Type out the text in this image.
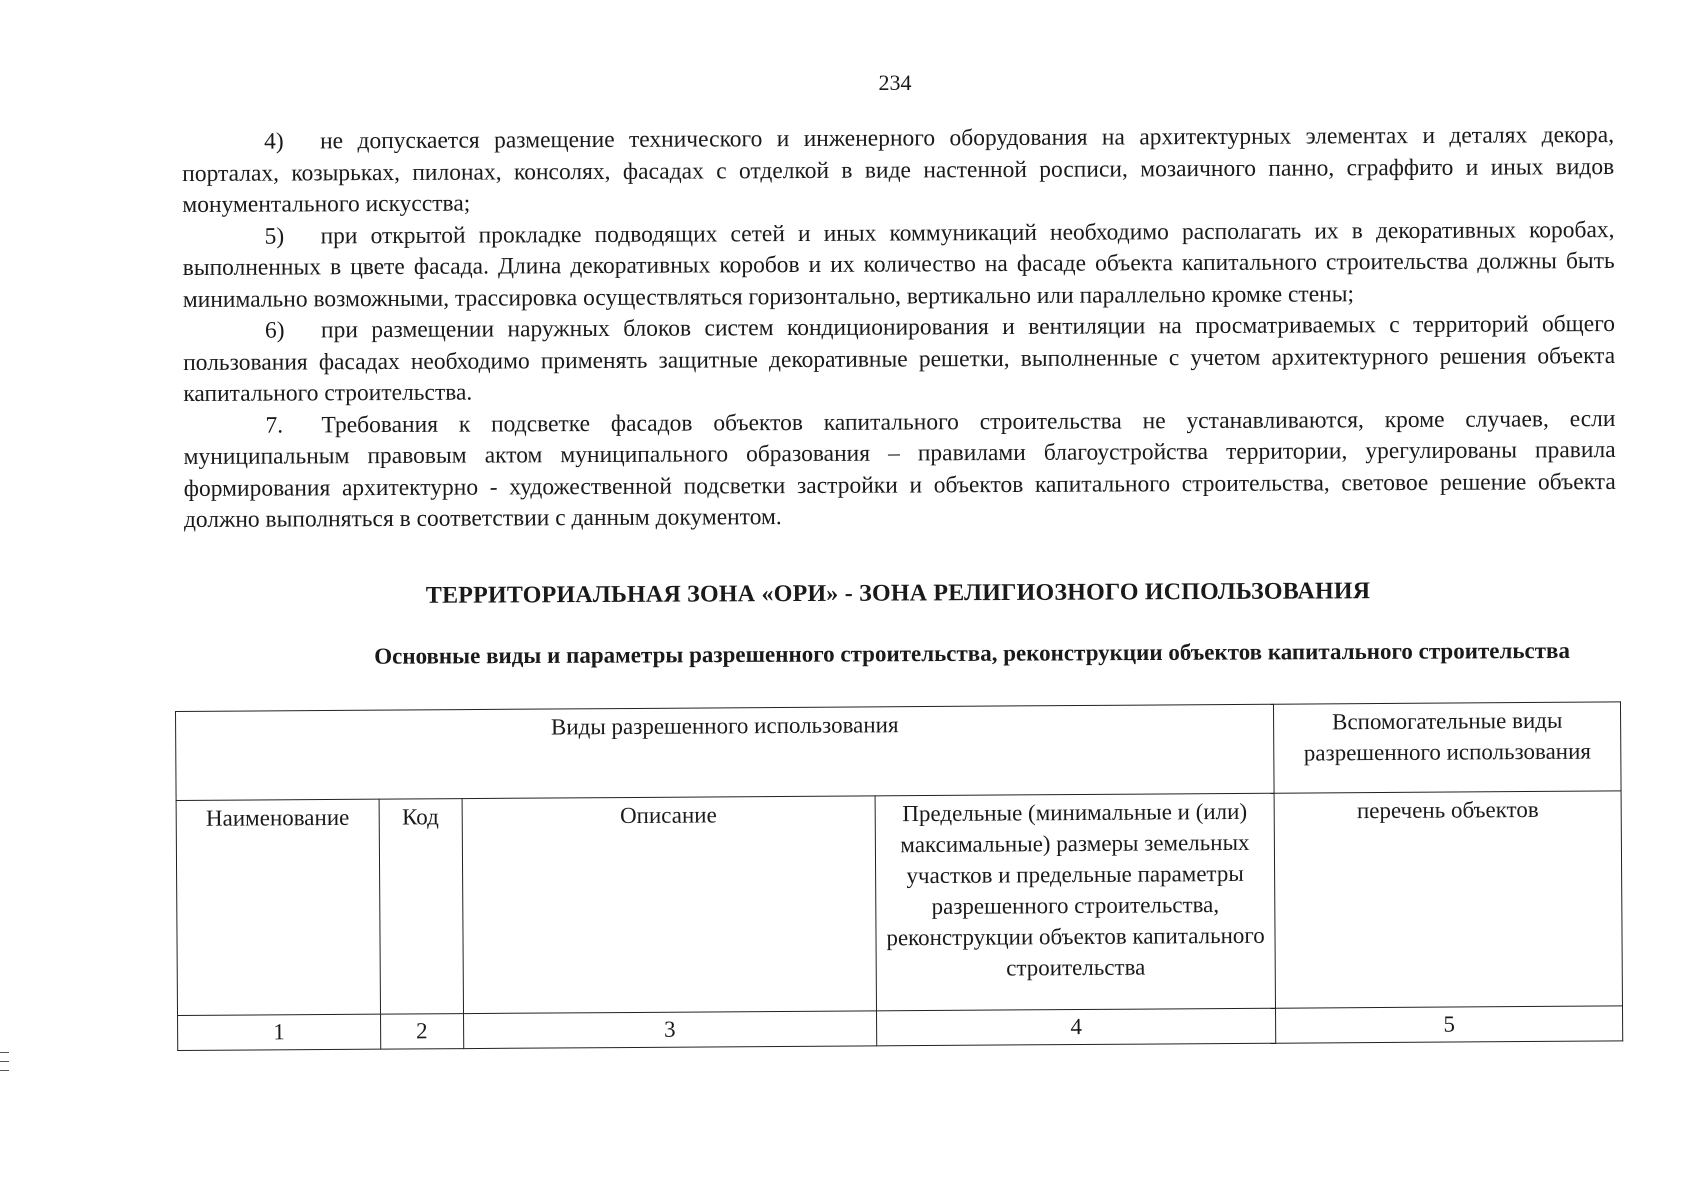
234

4) не допускается размещение технического и инженерного оборудования на архитектурных элементах и деталях декора, порталах, козырьках, пилонах, консолях, фасадах с отделкой в виде настенной росписи, мозаичного панно, сграффито и иных видов монументального искусства;

5) при открытой прокладке подводящих сетей и иных коммуникаций необходимо располагать их в декоративных коробах, выполненных в цвете фасада. Длина декоративных коробов и их количество на фасаде объекта капитального строительства должны быть минимально возможными, трассировка осуществляться горизонтально, вертикально или параллельно кромке стены;

6) при размещении наружных блоков систем кондиционирования и вентиляции на просматриваемых с территорий общего пользования фасадах необходимо применять защитные декоративные решетки, выполненные с учетом архитектурного решения объекта капитального строительства.

7. Требования к подсветке фасадов объектов капитального строительства не устанавливаются, кроме случаев, если муниципальным правовым актом муниципального образования – правилами благоустройства территории, урегулированы правила формирования архитектурно - художественной подсветки застройки и объектов капитального строительства, световое решение объекта должно выполняться в соответствии с данным документом.

ТЕРРИТОРИАЛЬНАЯ ЗОНА «ОРИ» - ЗОНА РЕЛИГИОЗНОГО ИСПОЛЬЗОВАНИЯ
Основные виды и параметры разрешенного строительства, реконструкции объектов капитального строительства
Виды разрешенного использования				Вспомогательные виды разрешенного использования
Наименование	Код	Описание	Предельные (минимальные и (или) максимальные) размеры земельных участков и предельные параметры разрешенного строительства, реконструкции объектов капитального строительства	перечень объектов
1	2	3	4	5
